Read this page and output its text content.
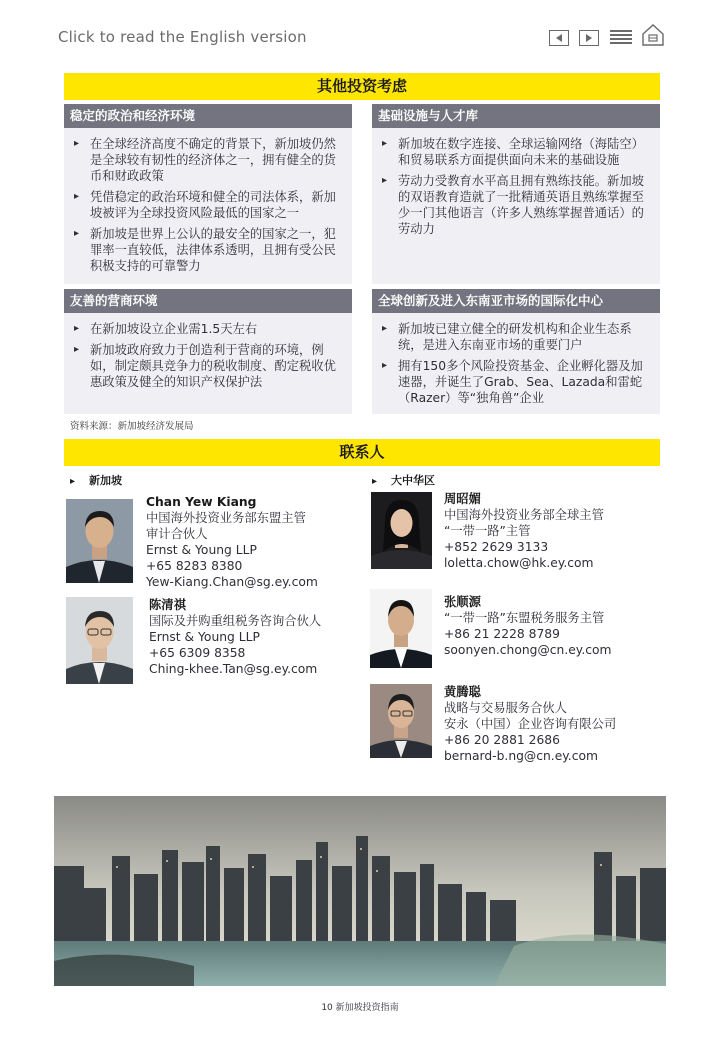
Click to read the English version
其他投资考虑
稳定的政治和经济环境
▸ 在全球经济高度不确定的背景下，新加坡仍然是全球较有韧性的经济体之一，拥有健全的货币和财政政策
▸ 凭借稳定的政治环境和健全的司法体系，新加坡被评为全球投资风险最低的国家之一
▸ 新加坡是世界上公认的最安全的国家之一，犯罪率一直较低，法律体系透明，且拥有受公民积极支持的可靠警力
基础设施与人才库
▸ 新加坡在数字连接、全球运输网络（海陆空）和贸易联系方面提供面向未来的基础设施
▸ 劳动力受教育水平高且拥有熟练技能。新加坡的双语教育造就了一批精通英语且熟练掌握至少一门其他语言（许多人熟练掌握普通话）的劳动力
友善的营商环境
▸ 在新加坡设立企业需1.5天左右
▸ 新加坡政府致力于创造利于营商的环境，例如，制定颇具竞争力的税收制度、酌定税收优惠政策及健全的知识产权保护法
全球创新及进入东南亚市场的国际化中心
▸ 新加坡已建立健全的研发机构和企业生态系统，是进入东南亚市场的重要门户
▸ 拥有150多个风险投资基金、企业孵化器及加速器，并诞生了Grab、Sea、Lazada和雷蛇（Razer）等“独角兽”企业
资料来源：新加坡经济发展局
联系人
▸ 新加坡	▸ 大中华区
Chan Yew Kiang
中国海外投资业务部东盟主管
审计合伙人
Ernst & Young LLP
+65 8283 8380
Yew-Kiang.Chan@sg.ey.com
陈清祺
国际及并购重组税务咨询合伙人
Ernst & Young LLP
+65 6309 8358
Ching-khee.Tan@sg.ey.com
周昭媚
中国海外投资业务部全球主管
“一带一路”主管
+852 2629 3133
loletta.chow@hk.ey.com
张顺源
“一带一路”东盟税务服务主管
+86 21 2228 8789
soonyen.chong@cn.ey.com
黄腾聪
战略与交易服务合伙人
安永（中国）企业咨询有限公司
+86 20 2881 2686
bernard-b.ng@cn.ey.com
10 新加坡投资指南
